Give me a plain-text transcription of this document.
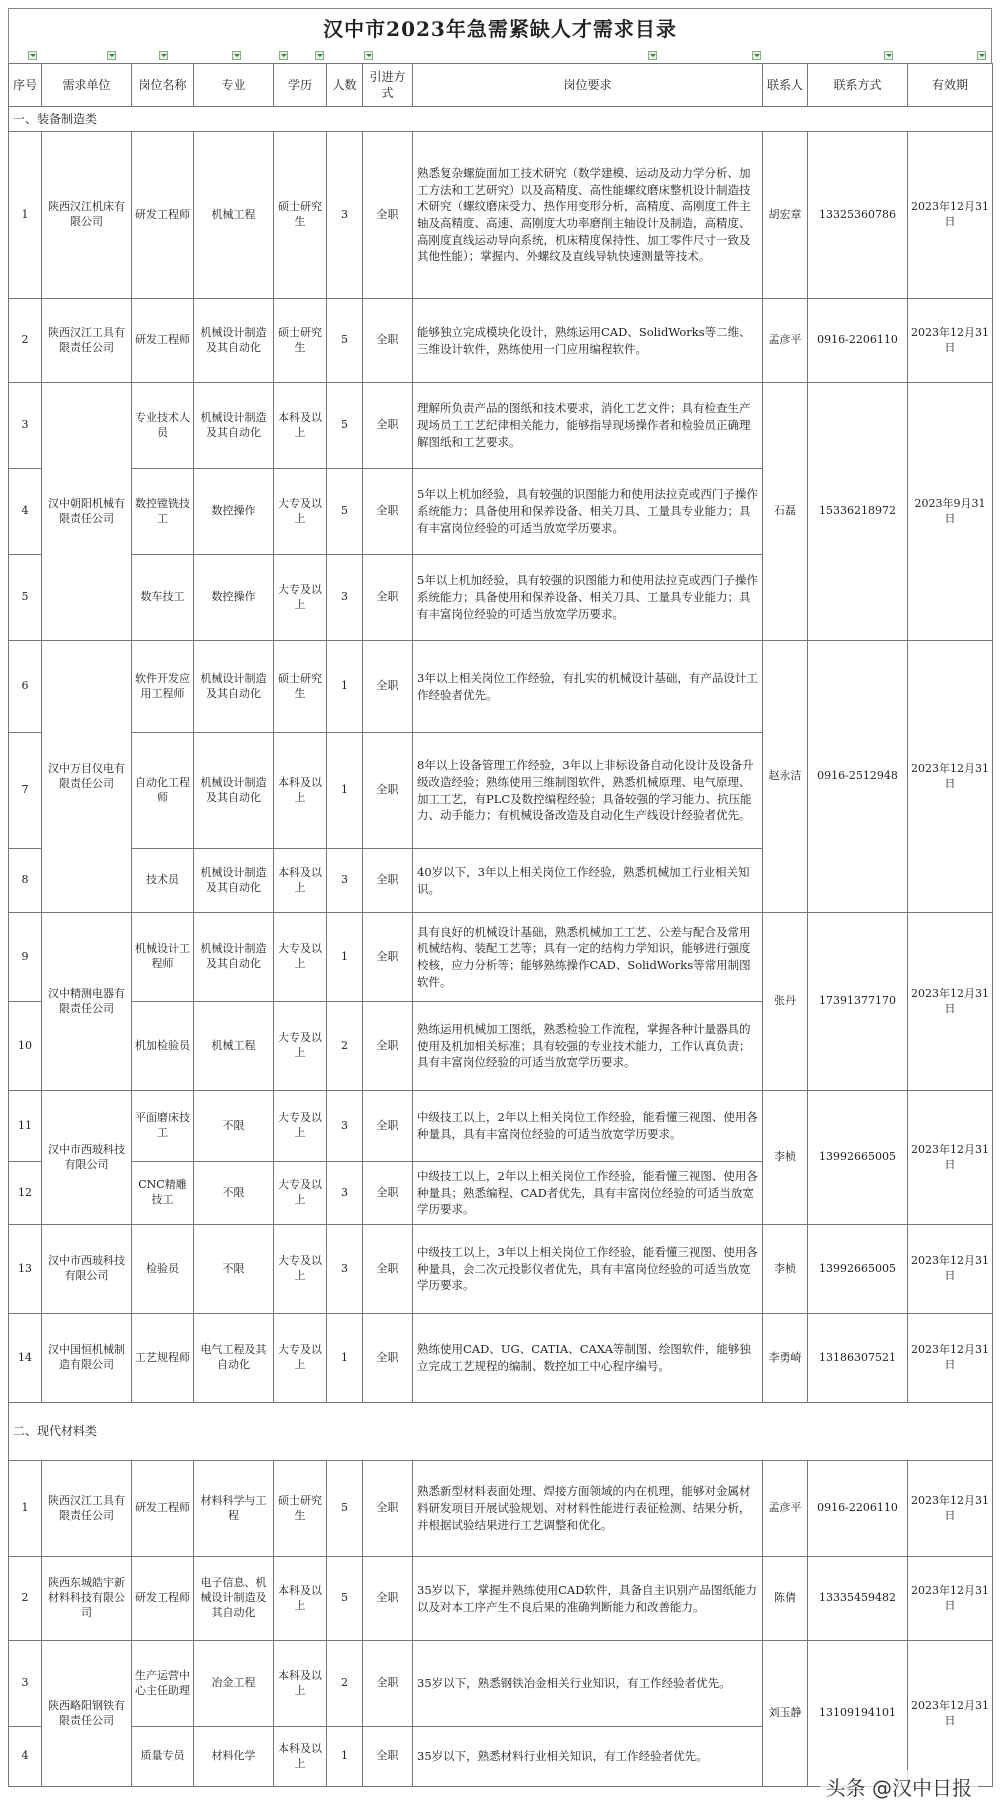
汉中市2023年急需紧缺人才需求目录
序号	需求单位	岗位名称	专业	学历	人数	引进方式	岗位要求	联系人	联系方式	有效期
一、装备制造类										
1	陕西汉江机床有限公司	研发工程师	机械工程	硕士研究生	3	全职	熟悉复杂螺旋面加工技术研究（数学建模、运动及动力学分析、加工方法和工艺研究）以及高精度、高性能螺纹磨床整机设计制造技术研究（螺纹磨床受力、热作用变形分析，高精度、高刚度工件主轴及高精度、高速、高刚度大功率磨削主轴设计及制造，高精度、高刚度直线运动导向系统，机床精度保持性、加工零件尺寸一致及其他性能）；掌握内、外螺纹及直线导轨快速测量等技术。	胡宏章	13325360786	2023年12月31日
2	陕西汉江工具有限责任公司	研发工程师	机械设计制造及其自动化	硕士研究生	5	全职	能够独立完成模块化设计，熟练运用CAD、SolidWorks等二维、三维设计软件，熟练使用一门应用编程软件。	孟彦平	0916-2206110	2023年12月31日
3	汉中朝阳机械有限责任公司	专业技术人员	机械设计制造及其自动化	本科及以上	5	全职	理解所负责产品的图纸和技术要求，消化工艺文件；具有检查生产现场员工工艺纪律相关能力，能够指导现场操作者和检验员正确理解图纸和工艺要求。	石磊	15336218972	2023年9月31日
4		数控镗铣技工	数控操作	大专及以上	5	全职	5年以上机加经验，具有较强的识图能力和使用法拉克或西门子操作系统能力；具备使用和保养设备、相关刀具、工量具专业能力；具有丰富岗位经验的可适当放宽学历要求。			
5		数车技工	数控操作	大专及以上	3	全职	5年以上机加经验，具有较强的识图能力和使用法拉克或西门子操作系统能力；具备使用和保养设备、相关刀具、工量具专业能力；具有丰富岗位经验的可适当放宽学历要求。			
6	汉中万目仪电有限责任公司	软件开发应用工程师	机械设计制造及其自动化	硕士研究生	1	全职	3年以上相关岗位工作经验，有扎实的机械设计基础，有产品设计工作经验者优先。	赵永洁	0916-2512948	2023年12月31日
7		自动化工程师	机械设计制造及其自动化	本科及以上	1	全职	8年以上设备管理工作经验，3年以上非标设备自动化设计及设备升级改造经验；熟练使用三维制图软件，熟悉机械原理、电气原理、加工工艺，有PLC及数控编程经验；具备较强的学习能力、抗压能力、动手能力；有机械设备改造及自动化生产线设计经验者优先。			
8		技术员	机械设计制造及其自动化	本科及以上	3	全职	40岁以下，3年以上相关岗位工作经验，熟悉机械加工行业相关知识。			
9	汉中精测电器有限责任公司	机械设计工程师	机械设计制造及其自动化	大专及以上	1	全职	具有良好的机械设计基础，熟悉机械加工工艺、公差与配合及常用机械结构、装配工艺等；具有一定的结构力学知识，能够进行强度校核，应力分析等；能够熟练操作CAD、SolidWorks等常用制图软件。	张丹	17391377170	2023年12月31日
10		机加检验员	机械工程	大专及以上	2	全职	熟练运用机械加工图纸，熟悉检验工作流程，掌握各种计量器具的使用及机加相关标准；具有较强的专业技术能力，工作认真负责；具有丰富岗位经验的可适当放宽学历要求。			
11	汉中市西玻科技有限公司	平面磨床技工	不限	大专及以上	3	全职	中级技工以上，2年以上相关岗位工作经验，能看懂三视图、使用各种量具，具有丰富岗位经验的可适当放宽学历要求。	李桢	13992665005	2023年12月31日
12		CNC精雕技工	不限	大专及以上	3	全职	中级技工以上，2年以上相关岗位工作经验，能看懂三视图、使用各种量具；熟悉编程、CAD者优先，具有丰富岗位经验的可适当放宽学历要求。			
13	汉中市西玻科技有限公司	检验员	不限	大专及以上	3	全职	中级技工以上，3年以上相关岗位工作经验，能看懂三视图、使用各种量具，会二次元投影仪者优先，具有丰富岗位经验的可适当放宽学历要求。	李桢	13992665005	2023年12月31日
14	汉中国恒机械制造有限公司	工艺规程师	电气工程及其自动化	大专及以上	1	全职	熟练使用CAD、UG、CATIA、CAXA等制图、绘图软件，能够独立完成工艺规程的编制、数控加工中心程序编号。	李勇崎	13186307521	2023年12月31日
二、现代材料类										
1	陕西汉江工具有限责任公司	研发工程师	材料科学与工程	硕士研究生	5	全职	熟悉新型材料表面处理、焊接方面领域的内在机理，能够对金属材料研发项目开展试验规划、对材料性能进行表征检测、结果分析，并根据试验结果进行工艺调整和优化。	孟彦平	0916-2206110	2023年12月31日
2	陕西东城皓宇新材料科技有限公司	研发工程师	电子信息、机械设计制造及其自动化	本科及以上	5	全职	35岁以下，掌握并熟练使用CAD软件，具备自主识别产品图纸能力以及对本工序产生不良后果的准确判断能力和改善能力。	陈倩	13335459482	2023年12月31日
3	陕西略阳钢铁有限责任公司	生产运营中心主任助理	冶金工程	本科及以上	2	全职	35岁以下，熟悉钢铁冶金相关行业知识，有工作经验者优先。	刘玉静	13109194101	2023年12月31日
4		质量专员	材料化学	本科及以上	1	全职	35岁以下，熟悉材料行业相关知识，有工作经验者优先。			
头条 @汉中日报
